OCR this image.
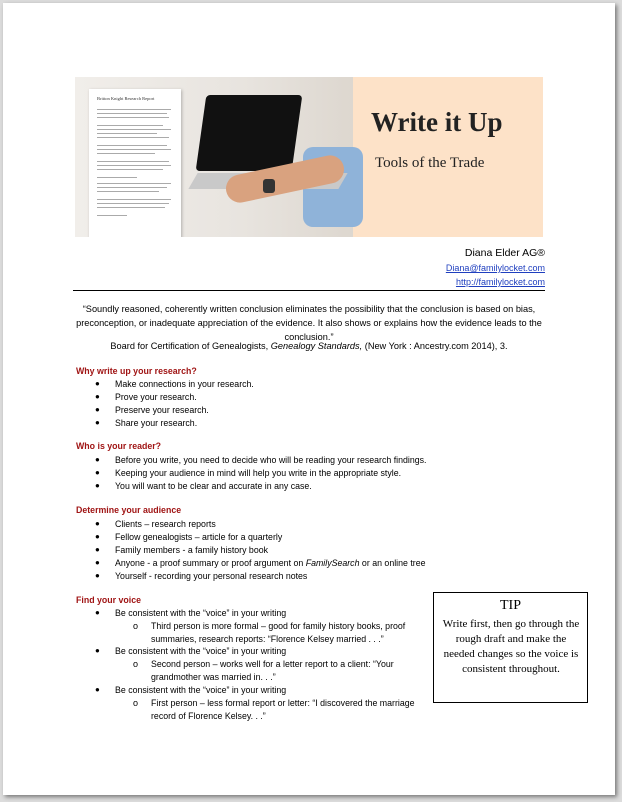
Britton Knight Research Report
Write it Up
Tools of the Trade
Diana Elder AG®
Diana@familylocket.com
http://familylocket.com
“Soundly reasoned, coherently written conclusion eliminates the possibility that the conclusion is based on bias, preconception, or inadequate appreciation of the evidence. It also shows or explains how the evidence leads to the conclusion.”
Board for Certification of Genealogists, Genealogy Standards, (New York : Ancestry.com 2014), 3.
Why write up your research?
● Make connections in your research.
● Prove your research.
● Preserve your research.
● Share your research.
Who is your reader?
● Before you write, you need to decide who will be reading your research findings.
● Keeping your audience in mind will help you write in the appropriate style.
● You will want to be clear and accurate in any case.
Determine your audience
● Clients – research reports
● Fellow genealogists – article for a quarterly
● Family members - a family history book
● Anyone - a proof summary or proof argument on FamilySearch or an online tree
● Yourself - recording your personal research notes
Find your voice
● Be consistent with the “voice” in your writing
o Third person is more formal – good for family history books, proof
summaries, research reports: “Florence Kelsey married . . .”
● Be consistent with the “voice” in your writing
o Second person – works well for a letter report to a client: “Your
grandmother was married in. . .”
● Be consistent with the “voice” in your writing
o First person – less formal report or letter: “I discovered the marriage
record of Florence Kelsey. . .”
TIP
Write first, then go through the rough draft and make the needed changes so the voice is consistent throughout.
